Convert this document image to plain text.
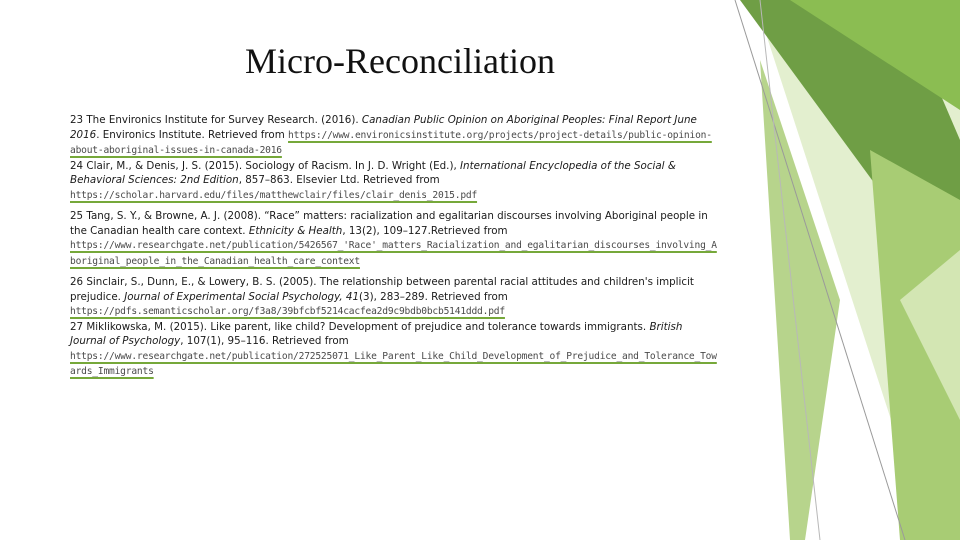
Micro-Reconciliation

23 The Environics Institute for Survey Research. (2016). Canadian Public Opinion on Aboriginal Peoples: Final Report June 2016. Environics Institute. Retrieved from https://www.environicsinstitute.org/projects/project-details/public-opinion-about-aboriginal-issues-in-canada-2016

24 Clair, M., & Denis, J. S. (2015). Sociology of Racism. In J. D. Wright (Ed.), International Encyclopedia of the Social & Behavioral Sciences: 2nd Edition, 857–863. Elsevier Ltd. Retrieved from
https://scholar.harvard.edu/files/matthewclair/files/clair_denis_2015.pdf

25 Tang, S. Y., & Browne, A. J. (2008). “Race” matters: racialization and egalitarian discourses involving Aboriginal people in the Canadian health care context. Ethnicity & Health, 13(2), 109–127.Retrieved from
https://www.researchgate.net/publication/5426567_'Race'_matters_Racialization_and_egalitarian_discourses_involving_Aboriginal_people_in_the_Canadian_health_care_context

26 Sinclair, S., Dunn, E., & Lowery, B. S. (2005). The relationship between parental racial attitudes and children's implicit prejudice. Journal of Experimental Social Psychology, 41(3), 283–289. Retrieved from
https://pdfs.semanticscholar.org/f3a8/39bfcbf5214cacfea2d9c9bdb0bcb5141ddd.pdf

27 Miklikowska, M. (2015). Like parent, like child? Development of prejudice and tolerance towards immigrants. British Journal of Psychology, 107(1), 95–116. Retrieved from
https://www.researchgate.net/publication/272525071_Like_Parent_Like_Child_Development_of_Prejudice_and_Tolerance_Towards_Immigrants
